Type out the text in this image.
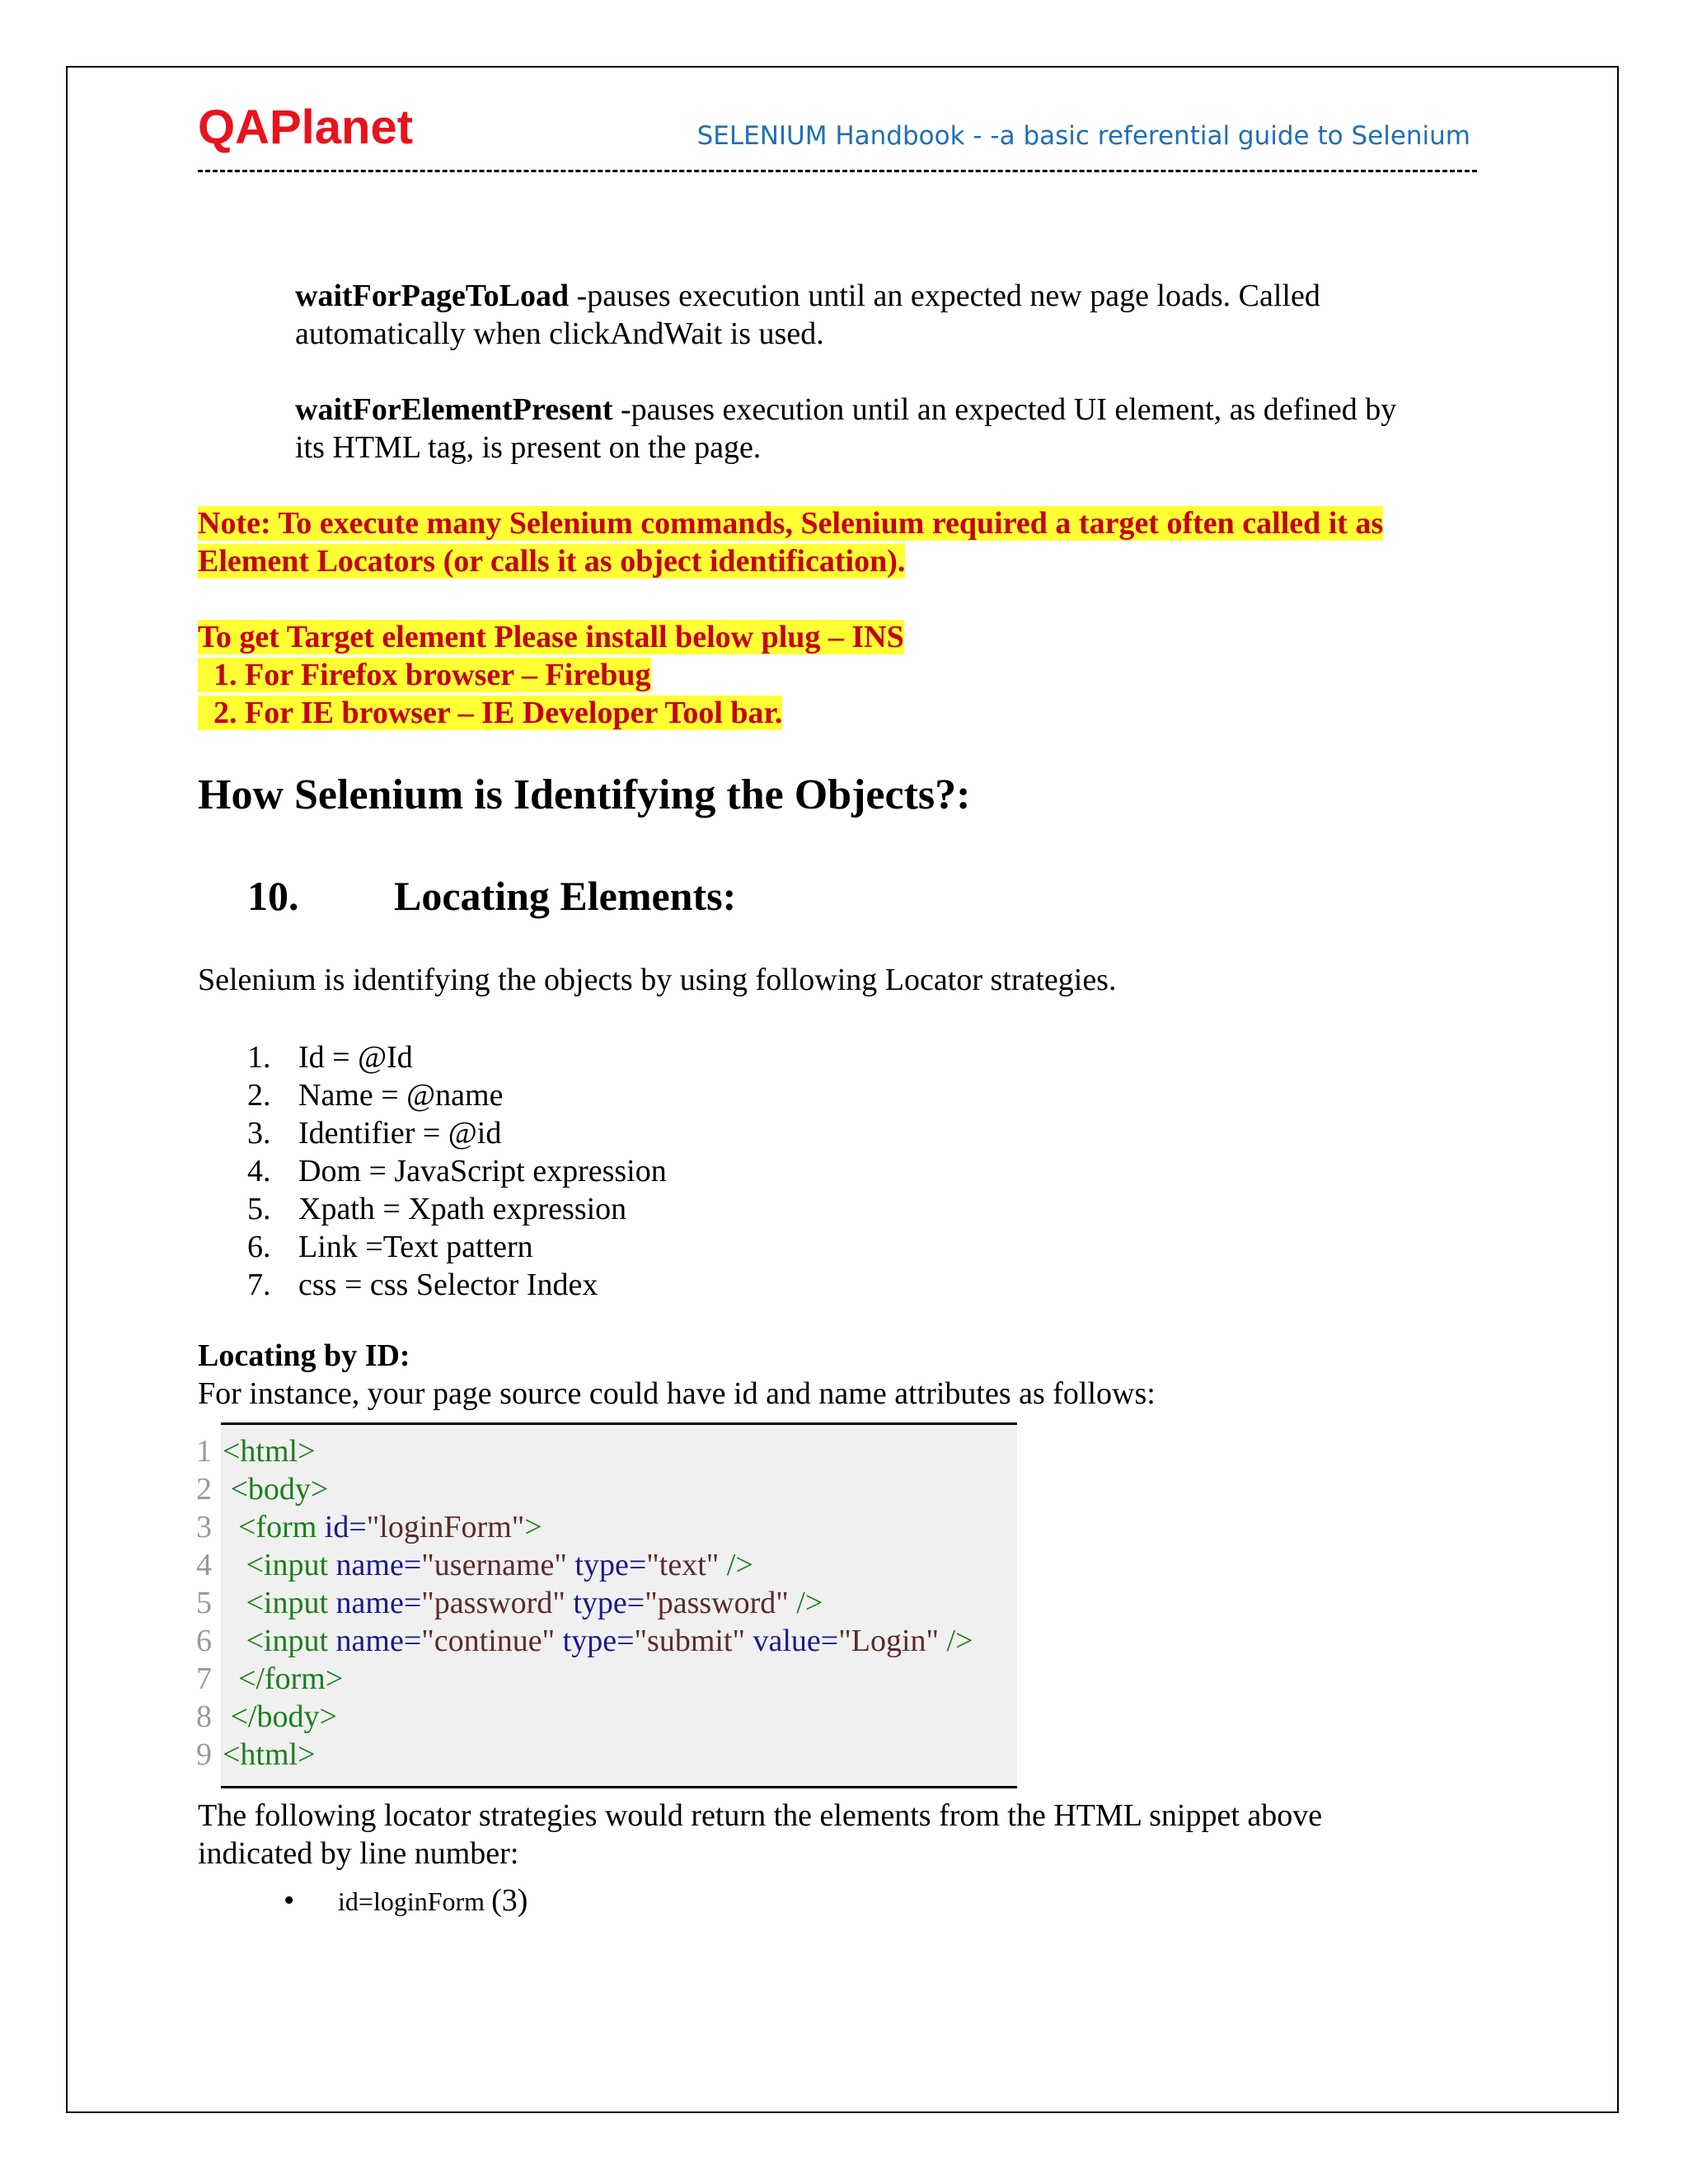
QAPlanet	SELENIUM Handbook - -a basic referential guide to Selenium
waitForPageToLoad -pauses execution until an expected new page loads. Called
automatically when clickAndWait is used.
waitForElementPresent -pauses execution until an expected UI element, as defined by
its HTML tag, is present on the page.
Note: To execute many Selenium commands, Selenium required a target often called it as
Element Locators (or calls it as object identification).
To get Target element Please install below plug – INS
1. For Firefox browser – Firebug
2. For IE browser – IE Developer Tool bar.
How Selenium is Identifying the Objects?:
10. Locating Elements:
Selenium is identifying the objects by using following Locator strategies.
1. Id = @Id
2. Name = @name
3. Identifier = @id
4. Dom = JavaScript expression
5. Xpath = Xpath expression
6. Link =Text pattern
7. css = css Selector Index
Locating by ID:
For instance, your page source could have id and name attributes as follows:
1 <html>
2 <body>
3  <form id="loginForm">
4   <input name="username" type="text" />
5   <input name="password" type="password" />
6   <input name="continue" type="submit" value="Login" />
7  </form>
8 </body>
9 <html>
The following locator strategies would return the elements from the HTML snippet above
indicated by line number:
• id=loginForm (3)
